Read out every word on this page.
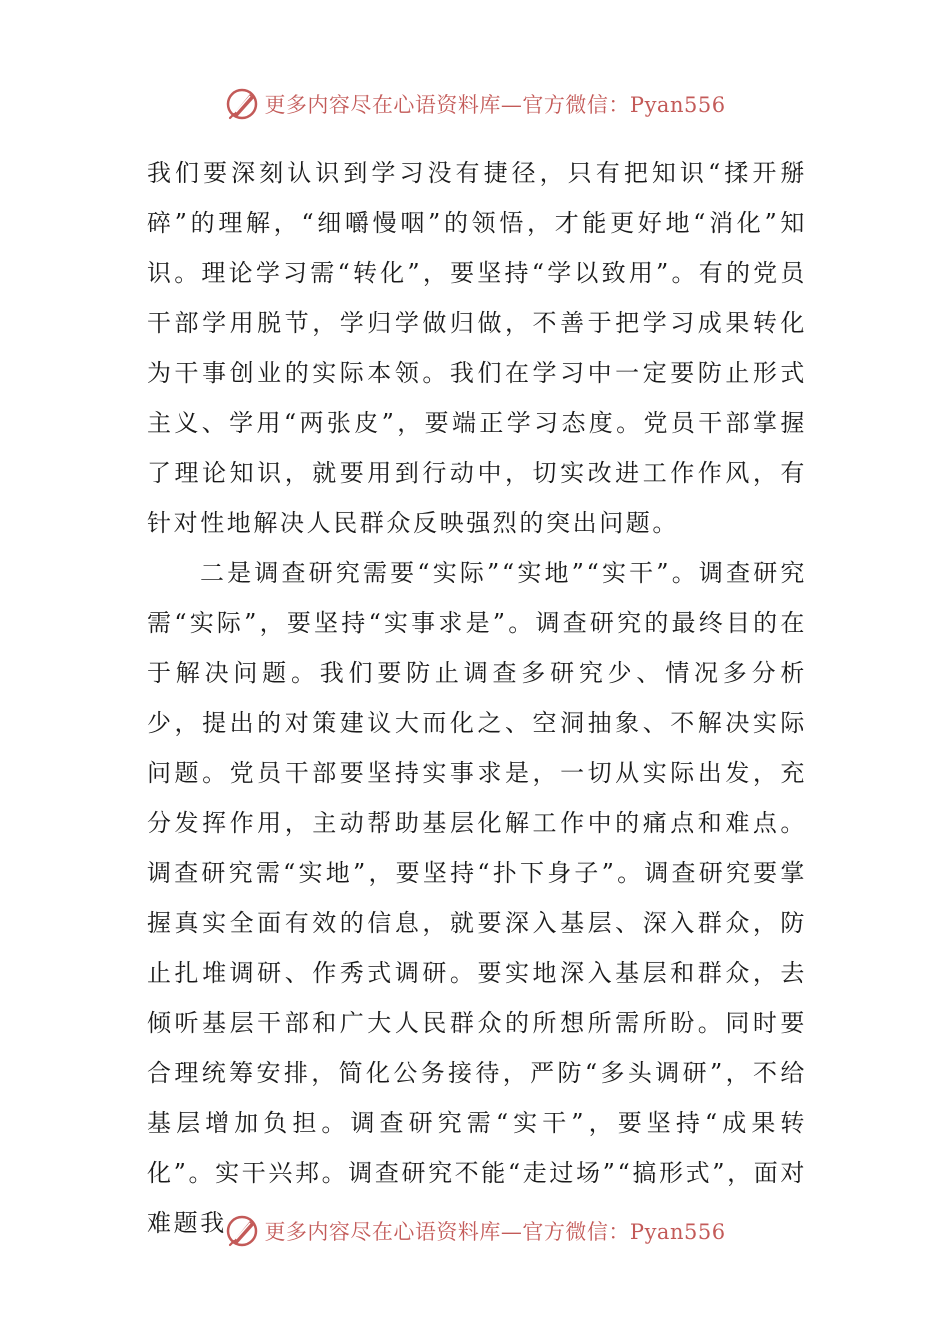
更多内容尽在心语资料库—官方微信：Pyan556

我们要深刻认识到学习没有捷径，只有把知识“揉开掰碎”的理解，“细嚼慢咽”的领悟，才能更好地“消化”知识。理论学习需“转化”，要坚持“学以致用”。有的党员干部学用脱节，学归学做归做，不善于把学习成果转化为干事创业的实际本领。我们在学习中一定要防止形式主义、学用“两张皮”，要端正学习态度。党员干部掌握了理论知识，就要用到行动中，切实改进工作作风，有针对性地解决人民群众反映强烈的突出问题。

二是调查研究需要“实际”“实地”“实干”。调查研究需“实际”，要坚持“实事求是”。调查研究的最终目的在于解决问题。我们要防止调查多研究少、情况多分析少，提出的对策建议大而化之、空洞抽象、不解决实际问题。党员干部要坚持实事求是，一切从实际出发，充分发挥作用，主动帮助基层化解工作中的痛点和难点。调查研究需“实地”，要坚持“扑下身子”。调查研究要掌握真实全面有效的信息，就要深入基层、深入群众，防止扎堆调研、作秀式调研。要实地深入基层和群众，去倾听基层干部和广大人民群众的所想所需所盼。同时要合理统筹安排，简化公务接待，严防“多头调研”，不给基层增加负担。调查研究需“实干”，要坚持“成果转化”。实干兴邦。调查研究不能“走过场”“搞形式”，面对难题我	更多内容尽在心语资料库—官方微信：Pyan556
